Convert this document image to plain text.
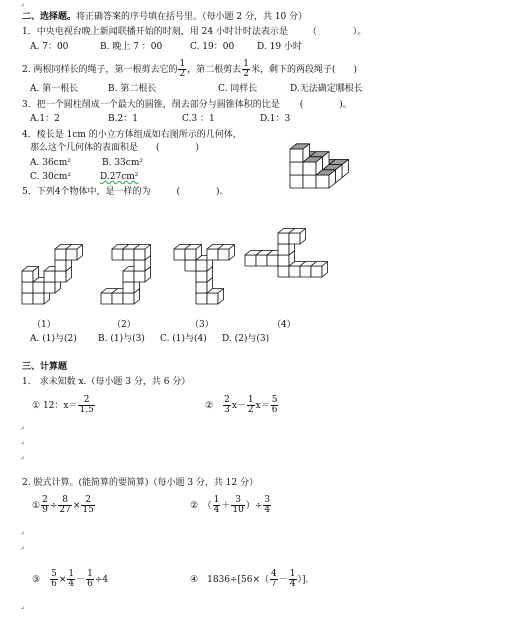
二、选择题。将正确答案的序号填在括号里。（每小题 2 分，共 10 分）
1．中央电视台晚上新闻联播开始的时刻，用 24 小时计时法表示是 （　　　　）。
A. 7：00	B. 晚上 7 ：00	C. 19：00	D. 19 小时
2. 两根同样长的绳子，第一根剪去它的 $\frac{1}{2}$ ，第二根剪去 $\frac{1}{2}$ 米，剩下的两段绳子(　　)
A. 第一根长	B. 第二根长	C. 同样长	D.无法确定哪根长
3．把一个圆柱削成一个最大的圆锥，削去部分与圆锥体积的比是 (　　　　)。
A.1：2	B.2：1	C.3 ：1	D.1：3
4．棱长是 1cm 的小立方体组成如右图所示的几何体，
那么这个几何体的表面积是 (　　　　)
A. 36cm²	B. 33cm²
C. 30cm²	D.27cm²
5．下列4个物体中，是一样的为	(　　　　)。
（1）	（2）	（3）	（4）
A. (1)与(2) B. (1)与(3) C. (1)与(4) D. (2)与(3)
三、计算题
1． 求未知数 x.（每小题 3 分，共 6 分）
① 12：$x= \frac{2}{1.5}$	②　 $\frac{2}{3} x- \frac{1}{2} x= \frac{5}{6}$
2. 脱式计算。(能简算的要简算)（每小题 3 分，共 12 分）
① $\frac{2}{9} \div \frac{8}{27} \times \frac{2}{15}$	②　 （ $\frac{1}{4} + \frac{3}{10}$ ）÷ $\frac{3}{4}$
③　 $\frac{5}{6} \times \frac{1}{4} - \frac{1}{6} \div 4$	④　 $1836\div[56\times( \frac{4}{7} - \frac{1}{4}$ ）]．
↵
↵
↵
↵
↵
↵
↵
